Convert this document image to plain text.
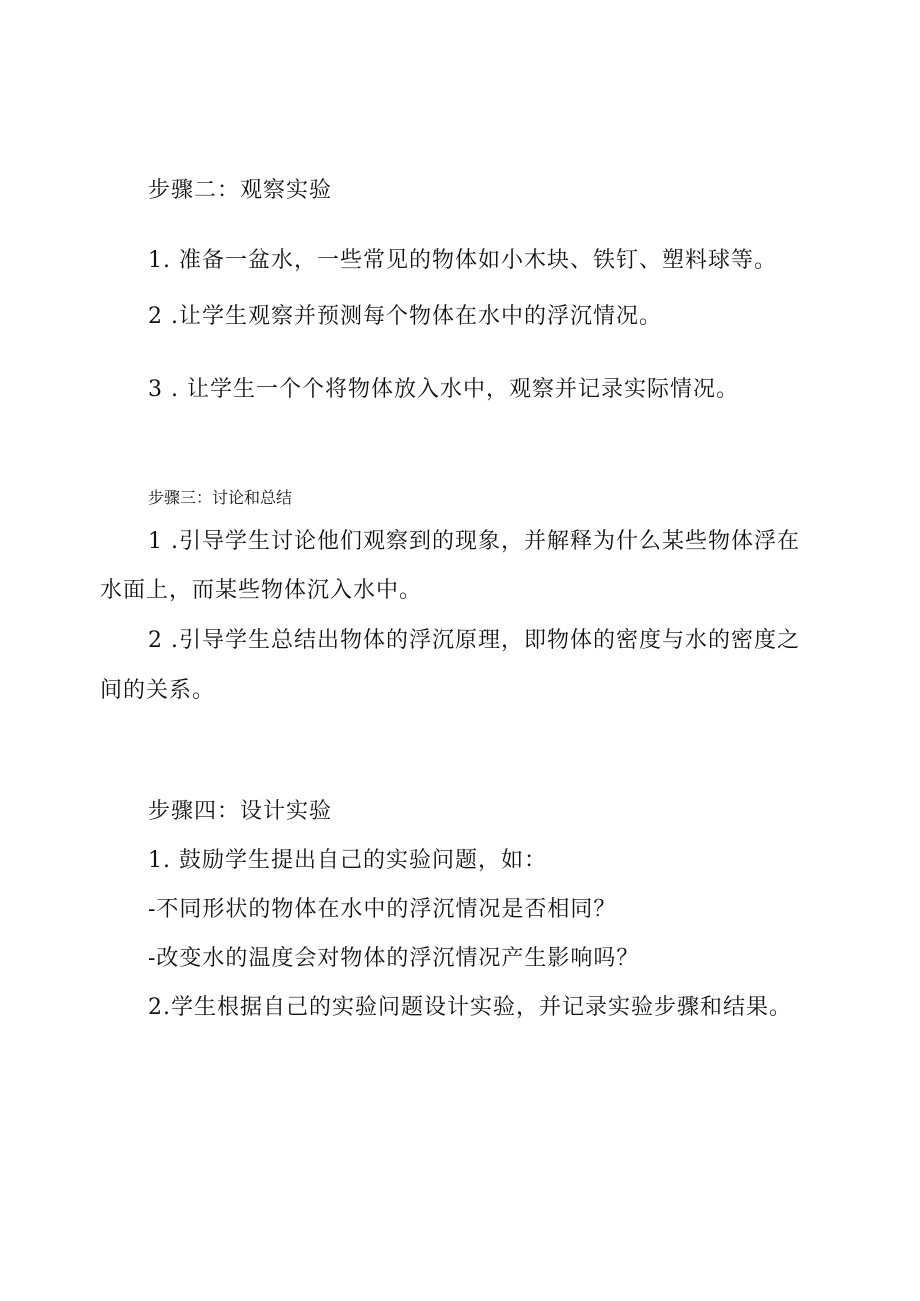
步骤二：观察实验
1. 准备一盆水，一些常见的物体如小木块、铁钉、塑料球等。
2 .让学生观察并预测每个物体在水中的浮沉情况。
3 . 让学生一个个将物体放入水中，观察并记录实际情况。
步骤三：讨论和总结
1 .引导学生讨论他们观察到的现象，并解释为什么某些物体浮在
水面上，而某些物体沉入水中。
2 .引导学生总结出物体的浮沉原理，即物体的密度与水的密度之
间的关系。
步骤四：设计实验
1. 鼓励学生提出自己的实验问题，如：
-不同形状的物体在水中的浮沉情况是否相同？
-改变水的温度会对物体的浮沉情况产生影响吗？
2.学生根据自己的实验问题设计实验，并记录实验步骤和结果。
